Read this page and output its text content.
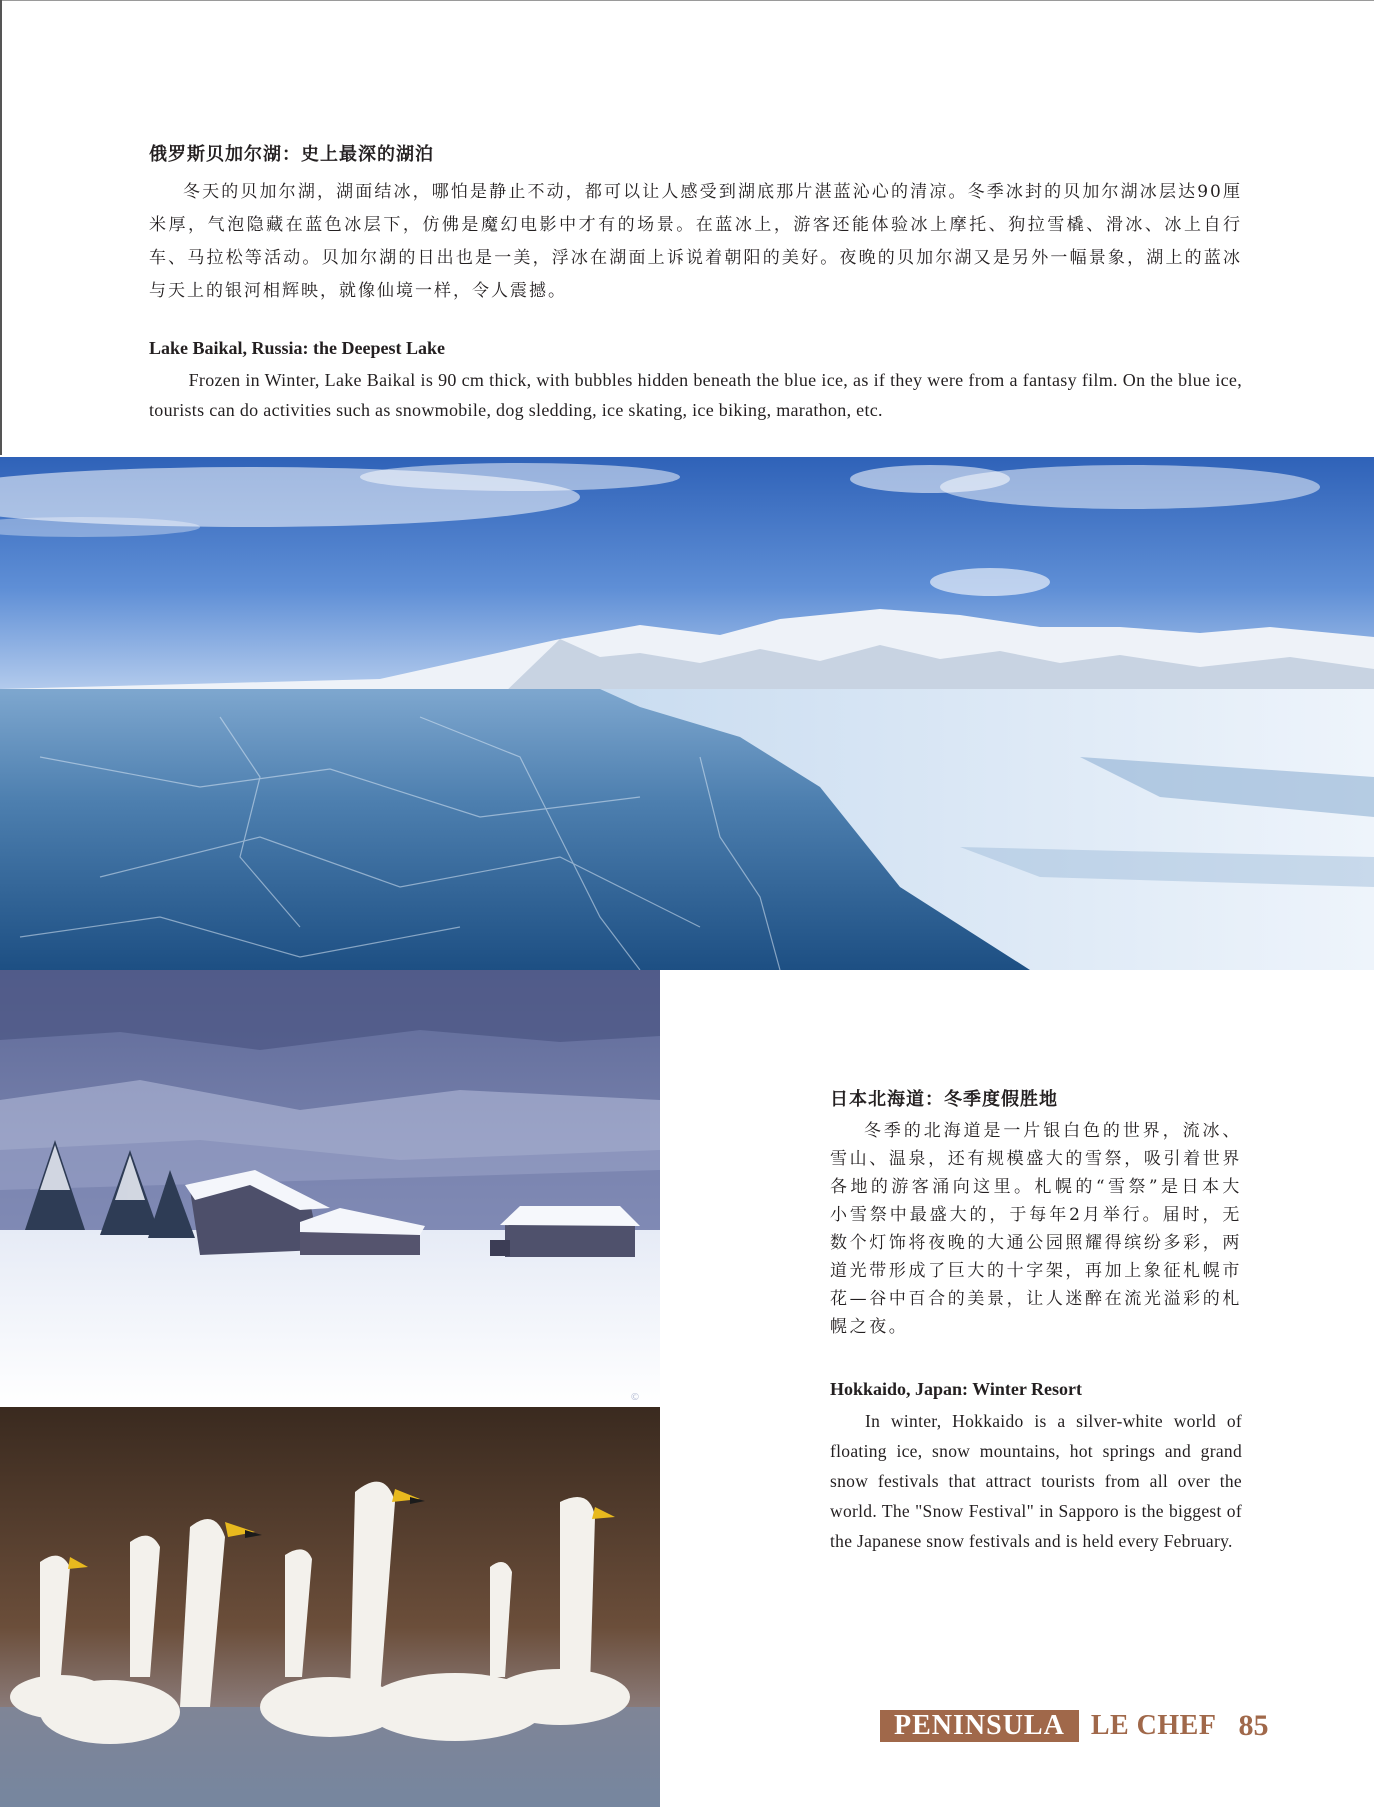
俄罗斯贝加尔湖：史上最深的湖泊

冬天的贝加尔湖，湖面结冰，哪怕是静止不动，都可以让人感受到湖底那片湛蓝沁心的清凉。冬季冰封的贝加尔湖冰层达90厘米厚，气泡隐藏在蓝色冰层下，仿佛是魔幻电影中才有的场景。在蓝冰上，游客还能体验冰上摩托、狗拉雪橇、滑冰、冰上自行车、马拉松等活动。贝加尔湖的日出也是一美，浮冰在湖面上诉说着朝阳的美好。夜晚的贝加尔湖又是另外一幅景象，湖上的蓝冰与天上的银河相辉映，就像仙境一样，令人震撼。

Lake Baikal, Russia: the Deepest Lake

Frozen in Winter, Lake Baikal is 90 cm thick, with bubbles hidden beneath the blue ice, as if they were from a fantasy film. On the blue ice, tourists can do activities such as snowmobile, dog sledding, ice skating, ice biking, marathon, etc.

©
日本北海道：冬季度假胜地

冬季的北海道是一片银白色的世界，流冰、雪山、温泉，还有规模盛大的雪祭，吸引着世界各地的游客涌向这里。札幌的“雪祭”是日本大小雪祭中最盛大的，于每年2月举行。届时，无数个灯饰将夜晚的大通公园照耀得缤纷多彩，两道光带形成了巨大的十字架，再加上象征札幌市花—谷中百合的美景，让人迷醉在流光溢彩的札幌之夜。

Hokkaido, Japan: Winter Resort

In winter, Hokkaido is a silver-white world of floating ice, snow mountains, hot springs and grand snow festivals that attract tourists from all over the world. The "Snow Festival" in Sapporo is the biggest of the Japanese snow festivals and is held every February.

PENINSULA LE CHEF 85
